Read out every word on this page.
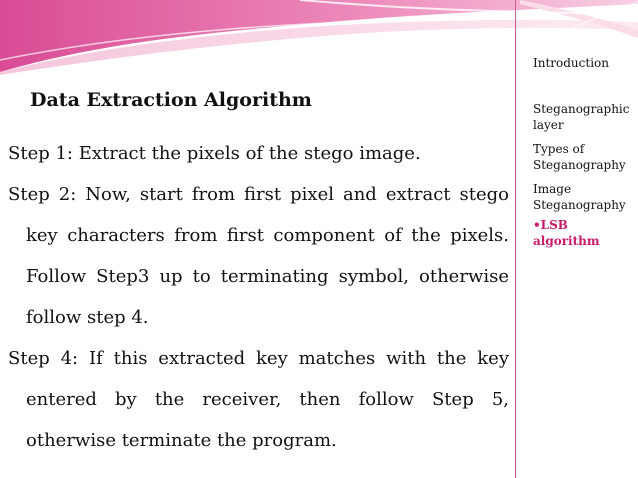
Data Extraction Algorithm
Step 1: Extract the pixels of the stego image.
Step 2: Now, start from first pixel and extract stego key characters from first component of the pixels. Follow Step3 up to terminating symbol, otherwise follow step 4.
Step 4: If this extracted key matches with the key entered by the receiver, then follow Step 5, otherwise terminate the program.
Introduction
Steganographic layer
Types of Steganography
Image Steganography
•LSB algorithm
